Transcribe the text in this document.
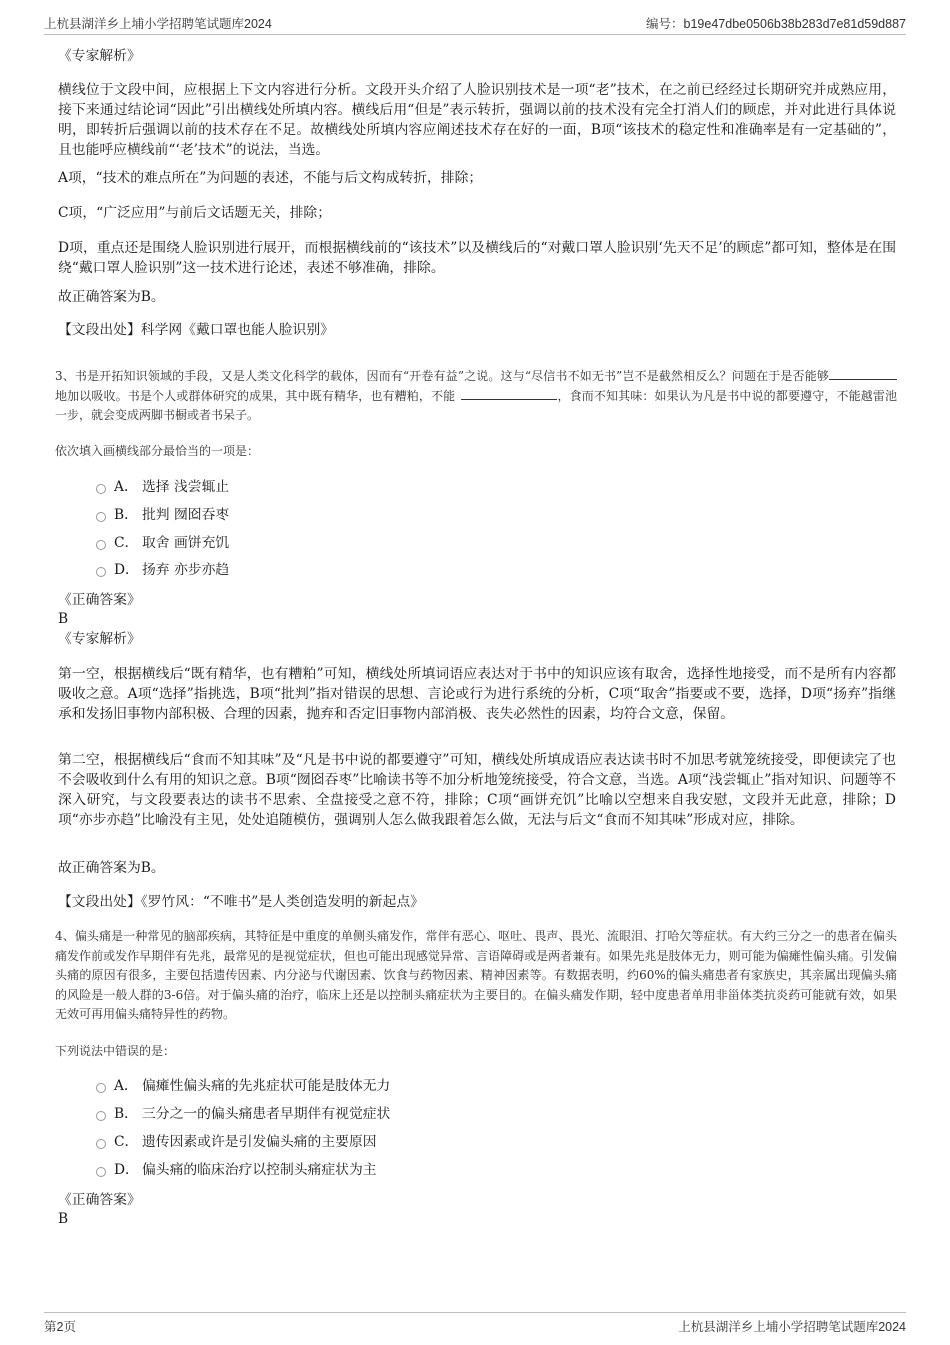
上杭县湖洋乡上埔小学招聘笔试题库2024	编号：b19e47dbe0506b38b283d7e81d59d887
《专家解析》
横线位于文段中间，应根据上下文内容进行分析。文段开头介绍了人脸识别技术是一项“老”技术，在之前已经经过长期研究并成熟应用，接下来通过结论词“因此”引出横线处所填内容。横线后用“但是”表示转折，强调以前的技术没有完全打消人们的顾虑，并对此进行具体说明，即转折后强调以前的技术存在不足。故横线处所填内容应阐述技术存在好的一面，B项“该技术的稳定性和准确率是有一定基础的”，且也能呼应横线前“‘老’技术”的说法，当选。
A项，“技术的难点所在”为问题的表述，不能与后文构成转折，排除；
C项，“广泛应用”与前后文话题无关，排除；
D项，重点还是围绕人脸识别进行展开，而根据横线前的“该技术”以及横线后的“对戴口罩人脸识别‘先天不足’的顾虑”都可知，整体是在围绕“戴口罩人脸识别”这一技术进行论述，表述不够准确，排除。
故正确答案为B。
【文段出处】科学网《戴口罩也能人脸识别》
3、书是开拓知识领域的手段，又是人类文化科学的载体，因而有“开卷有益”之说。这与“尽信书不如无书”岂不是截然相反么？问题在于是否能够地加以吸收。书是个人或群体研究的成果，其中既有精华，也有糟粕，不能	，食而不知其味：如果认为凡是书中说的都要遵守，不能越雷池一步，就会变成两脚书橱或者书呆子。
依次填入画横线部分最恰当的一项是：
A． 选择 浅尝辄止
B． 批判 囫囵吞枣
C． 取舍 画饼充饥
D． 扬弃 亦步亦趋
《正确答案》
B
《专家解析》
第一空，根据横线后“既有精华，也有糟粕”可知，横线处所填词语应表达对于书中的知识应该有取舍，选择性地接受，而不是所有内容都吸收之意。A项“选择”指挑选，B项“批判”指对错误的思想、言论或行为进行系统的分析，C项“取舍”指要或不要，选择，D项“扬弃”指继承和发扬旧事物内部积极、合理的因素，抛弃和否定旧事物内部消极、丧失必然性的因素，均符合文意，保留。
第二空，根据横线后“食而不知其味”及“凡是书中说的都要遵守”可知，横线处所填成语应表达读书时不加思考就笼统接受，即便读完了也不会吸收到什么有用的知识之意。B项“囫囵吞枣”比喻读书等不加分析地笼统接受，符合文意，当选。A项“浅尝辄止”指对知识、问题等不深入研究，与文段要表达的读书不思索、全盘接受之意不符，排除；C项“画饼充饥”比喻以空想来自我安慰，文段并无此意，排除；D项“亦步亦趋”比喻没有主见，处处追随模仿，强调别人怎么做我跟着怎么做，无法与后文“食而不知其味”形成对应，排除。
故正确答案为B。
【文段出处】《罗竹风：“不唯书”是人类创造发明的新起点》
4、偏头痛是一种常见的脑部疾病，其特征是中重度的单侧头痛发作，常伴有恶心、呕吐、畏声、畏光、流眼泪、打哈欠等症状。有大约三分之一的患者在偏头痛发作前或发作早期伴有先兆，最常见的是视觉症状，但也可能出现感觉异常、言语障碍或是两者兼有。如果先兆是肢体无力，则可能为偏瘫性偏头痛。引发偏头痛的原因有很多，主要包括遗传因素、内分泌与代谢因素、饮食与药物因素、精神因素等。有数据表明，约60%的偏头痛患者有家族史，其亲属出现偏头痛的风险是一般人群的3-6倍。对于偏头痛的治疗，临床上还是以控制头痛症状为主要目的。在偏头痛发作期，轻中度患者单用非甾体类抗炎药可能就有效，如果无效可再用偏头痛特异性的药物。
下列说法中错误的是：
A． 偏瘫性偏头痛的先兆症状可能是肢体无力
B． 三分之一的偏头痛患者早期伴有视觉症状
C． 遗传因素或许是引发偏头痛的主要原因
D． 偏头痛的临床治疗以控制头痛症状为主
《正确答案》
B
第2页	上杭县湖洋乡上埔小学招聘笔试题库2024
